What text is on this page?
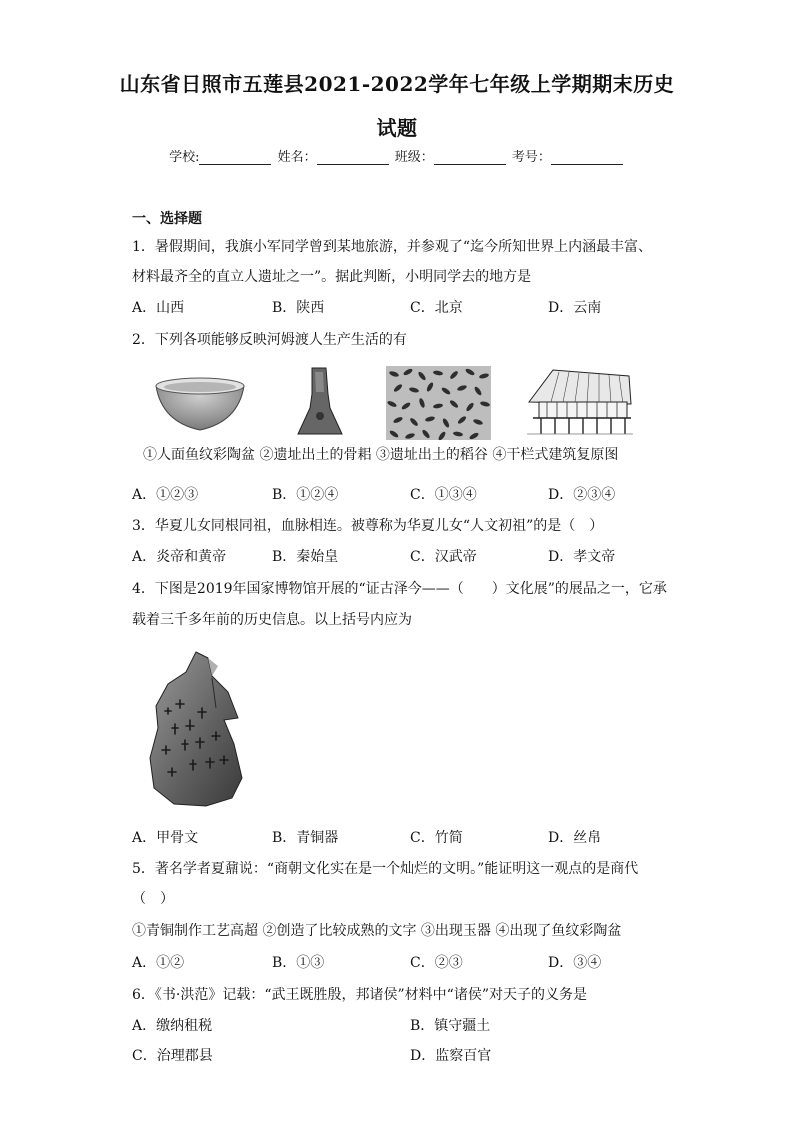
山东省日照市五莲县2021-2022学年七年级上学期期末历史
试题
学校:	姓名：	班级：	考号：
一、选择题
1．暑假期间，我旗小军同学曾到某地旅游，并参观了“迄今所知世界上内涵最丰富、
材料最齐全的直立人遗址之一”。据此判断，小明同学去的地方是
A．山西	B．陕西	C．北京	D．云南
2．下列各项能够反映河姆渡人生产生活的有
①人面鱼纹彩陶盆 ②遗址出土的骨耜 ③遗址出土的稻谷 ④干栏式建筑复原图
A．①②③	B．①②④	C．①③④	D．②③④
3．华夏儿女同根同祖，血脉相连。被尊称为华夏儿女“人文初祖”的是（　）
A．炎帝和黄帝	B．秦始皇	C．汉武帝	D．孝文帝
4．下图是2019年国家博物馆开展的“证古泽今——（　　）文化展”的展品之一，它承
载着三千多年前的历史信息。以上括号内应为
A．甲骨文	B．青铜器	C．竹简	D．丝帛
5．著名学者夏鼐说：“商朝文化实在是一个灿烂的文明。”能证明这一观点的是商代
（　）
①青铜制作工艺高超 ②创造了比较成熟的文字 ③出现玉器 ④出现了鱼纹彩陶盆
A．①②	B．①③	C．②③	D．③④
6．《书·洪范》记载：“武王既胜殷，邦诸侯”材料中“诸侯”对天子的义务是
A．缴纳租税	B．镇守疆土
C．治理郡县	D．监察百官
